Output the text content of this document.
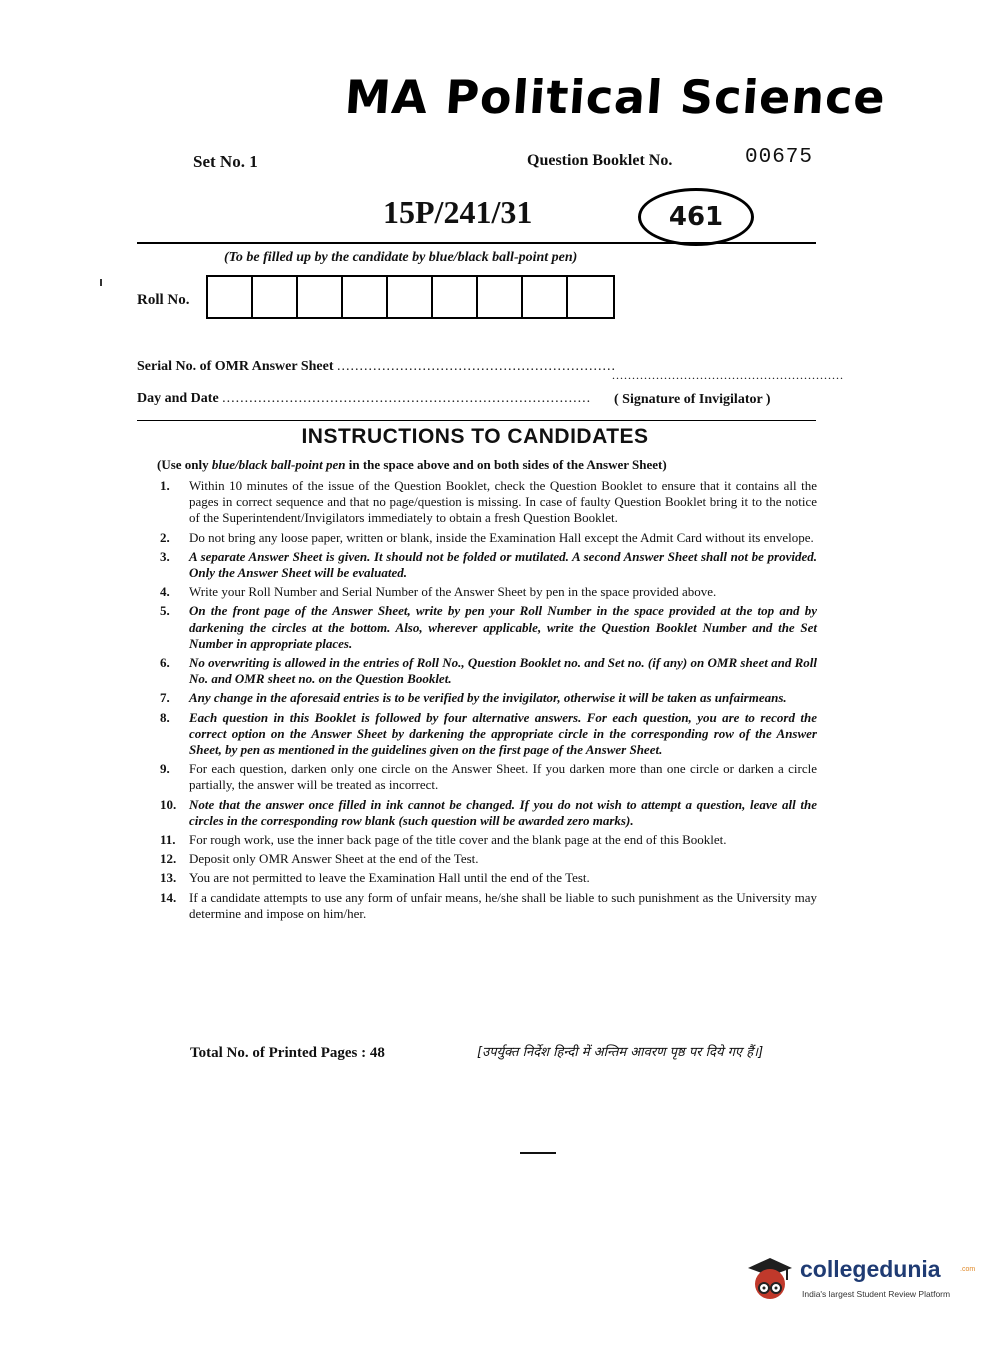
MA Political Science
Set No. 1	Question Booklet No.	00675
15P/241/31	461
(To be filled up by the candidate by blue/black ball-point pen)
Roll No.
Serial No. of OMR Answer Sheet ..............................................................
..........................................................
Day and Date .................................................................................. ( Signature of Invigilator )
INSTRUCTIONS TO CANDIDATES
(Use only blue/black ball-point pen in the space above and on both sides of the Answer Sheet)
1.	Within 10 minutes of the issue of the Question Booklet, check the Question Booklet to ensure that it contains all the pages in correct sequence and that no page/question is missing. In case of faulty Question Booklet bring it to the notice of the Superintendent/Invigilators immediately to obtain a fresh Question Booklet.
2.	Do not bring any loose paper, written or blank, inside the Examination Hall except the Admit Card without its envelope.
3.	A separate Answer Sheet is given. It should not be folded or mutilated. A second Answer Sheet shall not be provided. Only the Answer Sheet will be evaluated.
4.	Write your Roll Number and Serial Number of the Answer Sheet by pen in the space provided above.
5.	On the front page of the Answer Sheet, write by pen your Roll Number in the space provided at the top and by darkening the circles at the bottom. Also, wherever applicable, write the Question Booklet Number and the Set Number in appropriate places.
6.	No overwriting is allowed in the entries of Roll No., Question Booklet no. and Set no. (if any) on OMR sheet and Roll No. and OMR sheet no. on the Question Booklet.
7.	Any change in the aforesaid entries is to be verified by the invigilator, otherwise it will be taken as unfairmeans.
8.	Each question in this Booklet is followed by four alternative answers. For each question, you are to record the correct option on the Answer Sheet by darkening the appropriate circle in the corresponding row of the Answer Sheet, by pen as mentioned in the guidelines given on the first page of the Answer Sheet.
9.	For each question, darken only one circle on the Answer Sheet. If you darken more than one circle or darken a circle partially, the answer will be treated as incorrect.
10. Note that the answer once filled in ink cannot be changed. If you do not wish to attempt a question, leave all the circles in the corresponding row blank (such question will be awarded zero marks).
11.	For rough work, use the inner back page of the title cover and the blank page at the end of this Booklet.
12. Deposit only OMR Answer Sheet at the end of the Test.
13. You are not permitted to leave the Examination Hall until the end of the Test.
14. If a candidate attempts to use any form of unfair means, he/she shall be liable to such punishment as the University may determine and impose on him/her.
Total No. of Printed Pages : 48	[उपर्युक्त निर्देश हिन्दी में अन्तिम आवरण पृष्ठ पर दिये गए हैं।]
collegedunia	.com
India's largest Student Review Platform
